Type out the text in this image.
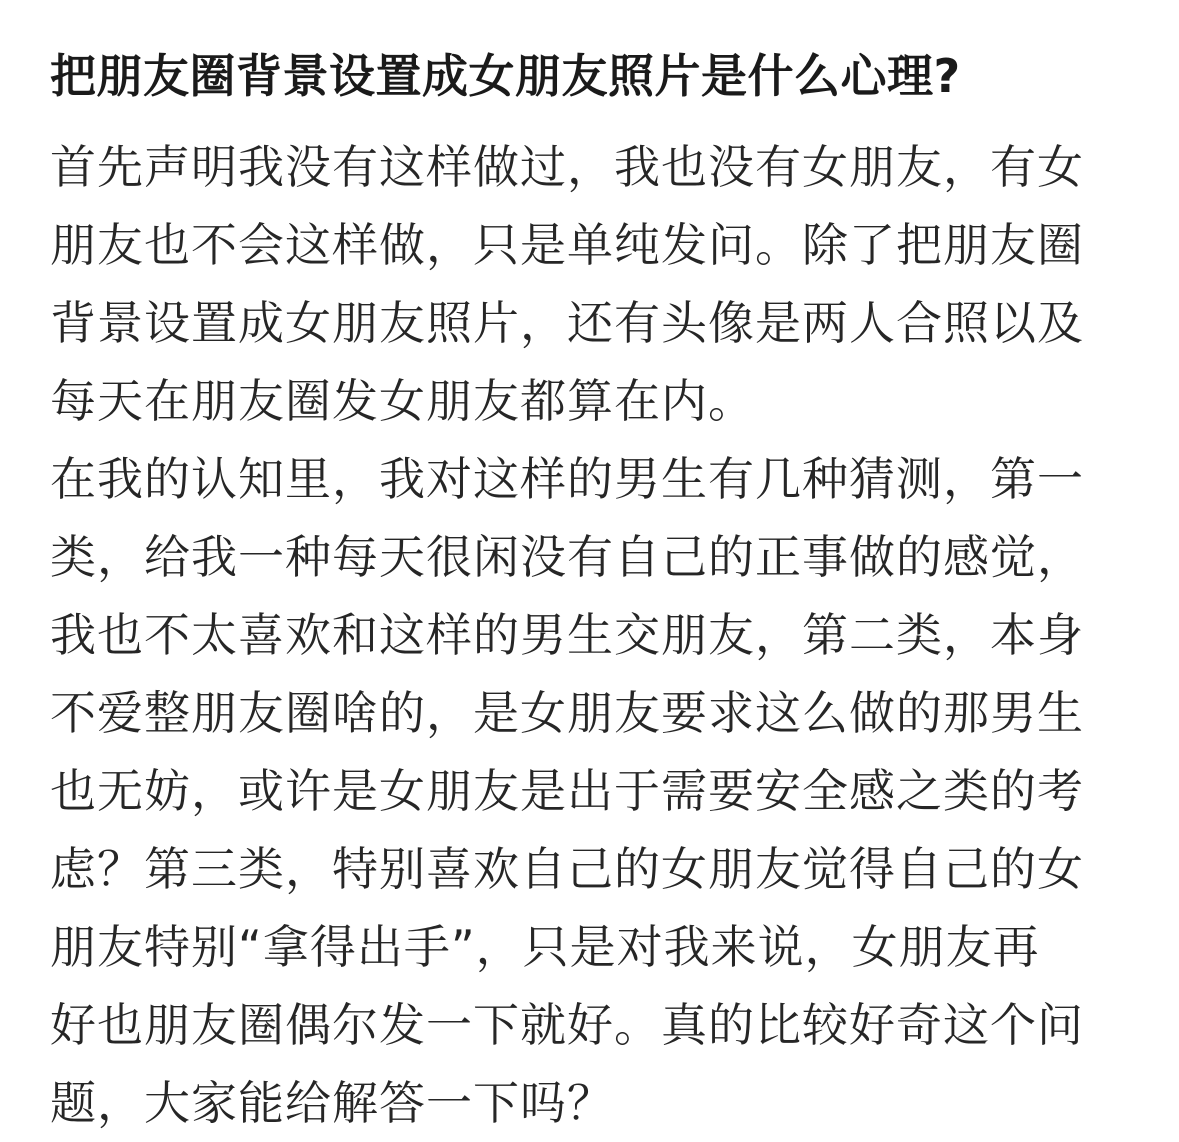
把朋友圈背景设置成女朋友照片是什么心理?

首先声明我没有这样做过，我也没有女朋友，有女
朋友也不会这样做，只是单纯发问。除了把朋友圈
背景设置成女朋友照片，还有头像是两人合照以及
每天在朋友圈发女朋友都算在内。

在我的认知里，我对这样的男生有几种猜测，第一
类，给我一种每天很闲没有自己的正事做的感觉，
我也不太喜欢和这样的男生交朋友，第二类，本身
不爱整朋友圈啥的，是女朋友要求这么做的那男生
也无妨，或许是女朋友是出于需要安全感之类的考
虑？第三类，特别喜欢自己的女朋友觉得自己的女
朋友特别“拿得出手”，只是对我来说，女朋友再
好也朋友圈偶尔发一下就好。真的比较好奇这个问
题，大家能给解答一下吗？
